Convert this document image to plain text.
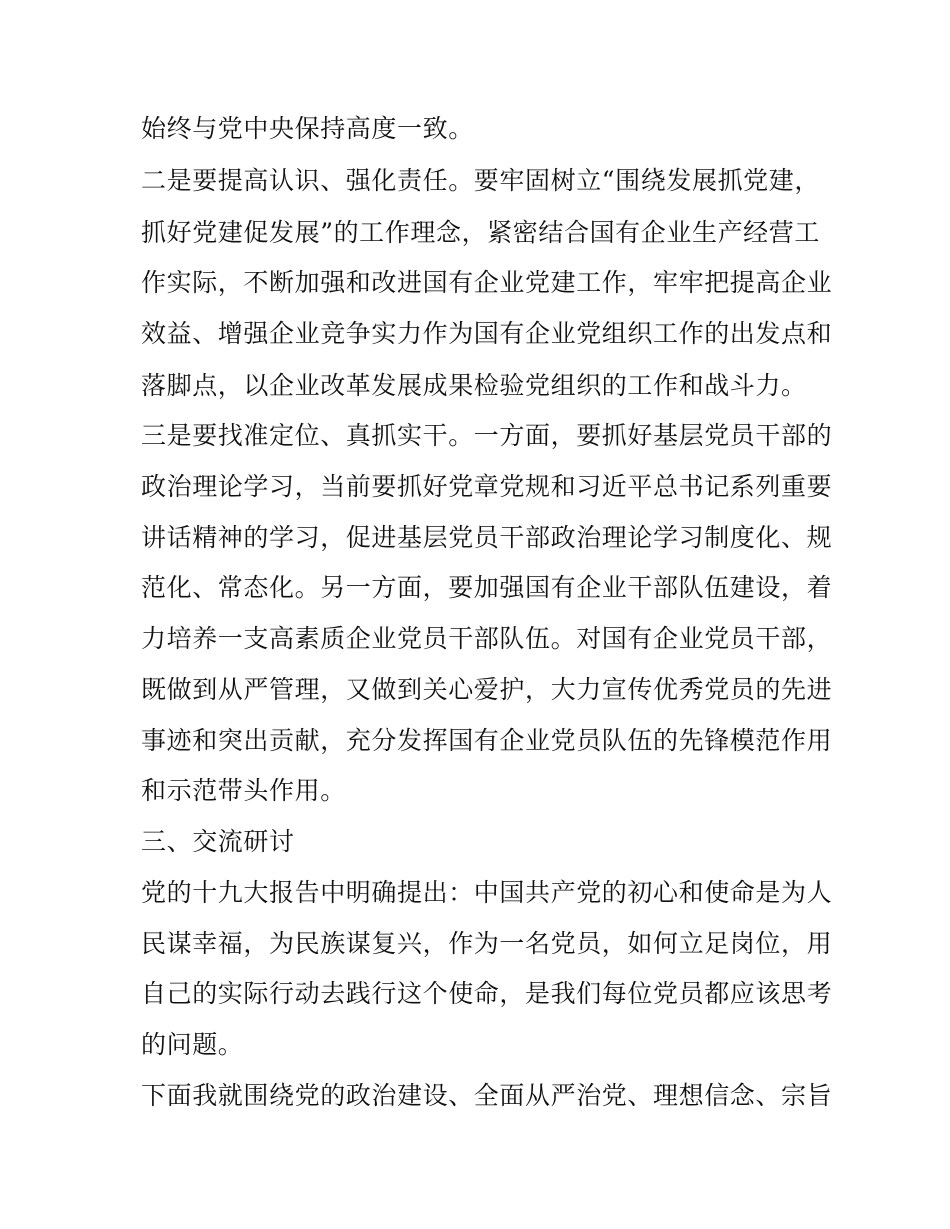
始终与党中央保持高度一致。
二是要提高认识、强化责任。要牢固树立“围绕发展抓党建，
抓好党建促发展”的工作理念，紧密结合国有企业生产经营工
作实际，不断加强和改进国有企业党建工作，牢牢把提高企业
效益、增强企业竞争实力作为国有企业党组织工作的出发点和
落脚点，以企业改革发展成果检验党组织的工作和战斗力。
三是要找准定位、真抓实干。一方面，要抓好基层党员干部的
政治理论学习，当前要抓好党章党规和习近平总书记系列重要
讲话精神的学习，促进基层党员干部政治理论学习制度化、规
范化、常态化。另一方面，要加强国有企业干部队伍建设，着
力培养一支高素质企业党员干部队伍。对国有企业党员干部，
既做到从严管理，又做到关心爱护，大力宣传优秀党员的先进
事迹和突出贡献，充分发挥国有企业党员队伍的先锋模范作用
和示范带头作用。
三、交流研讨
党的十九大报告中明确提出：中国共产党的初心和使命是为人
民谋幸福，为民族谋复兴，作为一名党员，如何立足岗位，用
自己的实际行动去践行这个使命，是我们每位党员都应该思考
的问题。
下面我就围绕党的政治建设、全面从严治党、理想信念、宗旨
